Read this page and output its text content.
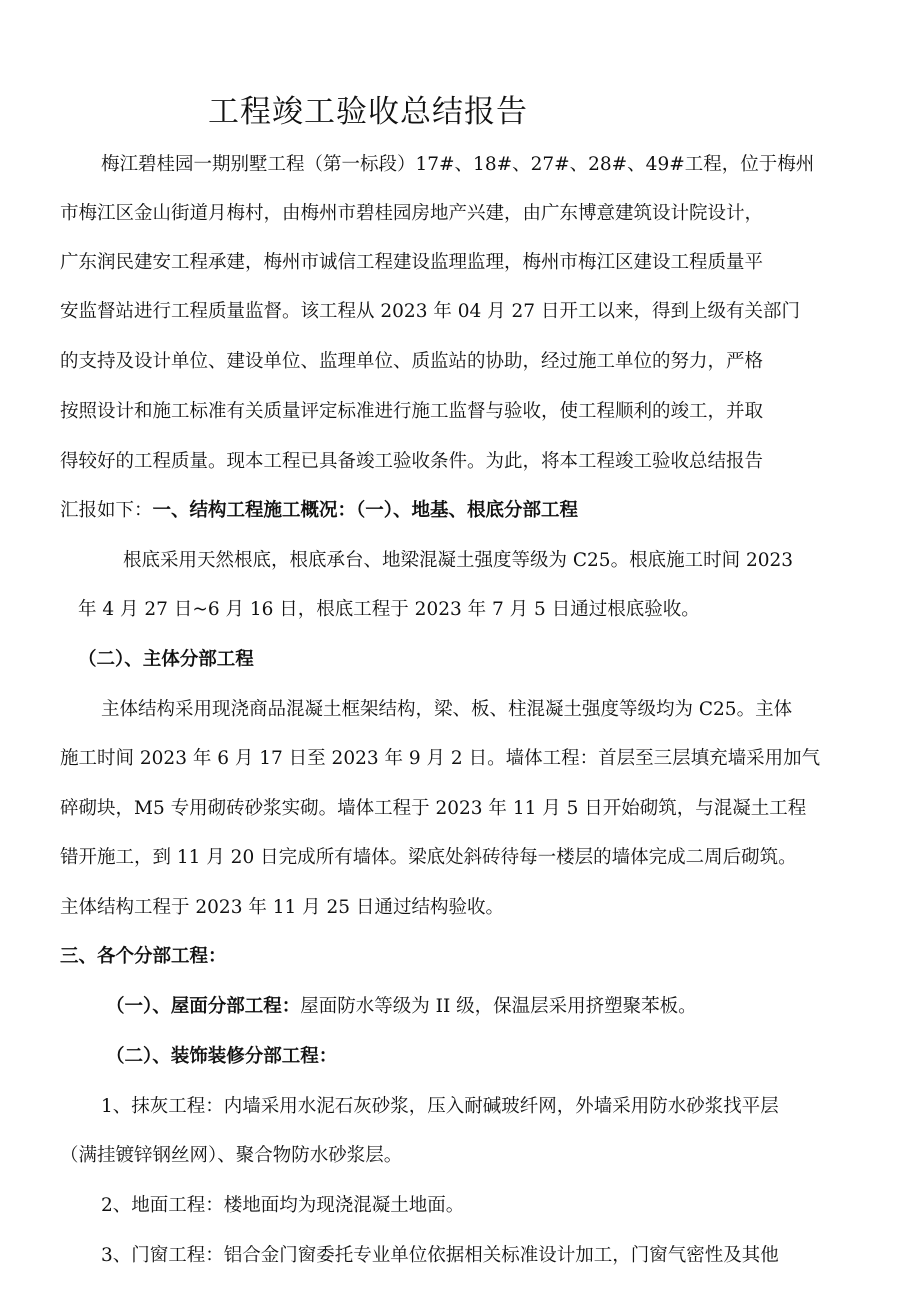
工程竣工验收总结报告
梅江碧桂园一期别墅工程（第一标段）17#、18#、27#、28#、49#工程，位于梅州
市梅江区金山街道月梅村，由梅州市碧桂园房地产兴建，由广东博意建筑设计院设计，
广东润民建安工程承建，梅州市诚信工程建设监理监理，梅州市梅江区建设工程质量平
安监督站进行工程质量监督。该工程从 2023 年 04 月 27 日开工以来，得到上级有关部门
的支持及设计单位、建设单位、监理单位、质监站的协助，经过施工单位的努力，严格
按照设计和施工标准有关质量评定标准进行施工监督与验收，使工程顺利的竣工，并取
得较好的工程质量。现本工程已具备竣工验收条件。为此，将本工程竣工验收总结报告
汇报如下：一、结构工程施工概况：（一）、地基、根底分部工程
根底采用天然根底，根底承台、地梁混凝土强度等级为 C25。根底施工时间 2023
年 4 月 27 日~6 月 16 日，根底工程于 2023 年 7 月 5 日通过根底验收。
（二）、主体分部工程
主体结构采用现浇商品混凝土框架结构，梁、板、柱混凝土强度等级均为 C25。主体
施工时间 2023 年 6 月 17 日至 2023 年 9 月 2 日。墙体工程：首层至三层填充墙采用加气
碎砌块，M5 专用砌砖砂浆实砌。墙体工程于 2023 年 11 月 5 日开始砌筑，与混凝土工程
错开施工，到 11 月 20 日完成所有墙体。梁底处斜砖待每一楼层的墙体完成二周后砌筑。
主体结构工程于 2023 年 11 月 25 日通过结构验收。
三、各个分部工程：
（一）、屋面分部工程：屋面防水等级为 II 级，保温层采用挤塑聚苯板。
（二）、装饰装修分部工程：
1、抹灰工程：内墙采用水泥石灰砂浆，压入耐碱玻纤网，外墙采用防水砂浆找平层
（满挂镀锌钢丝网）、聚合物防水砂浆层。
2、地面工程：楼地面均为现浇混凝土地面。
3、门窗工程：铝合金门窗委托专业单位依据相关标准设计加工，门窗气密性及其他
